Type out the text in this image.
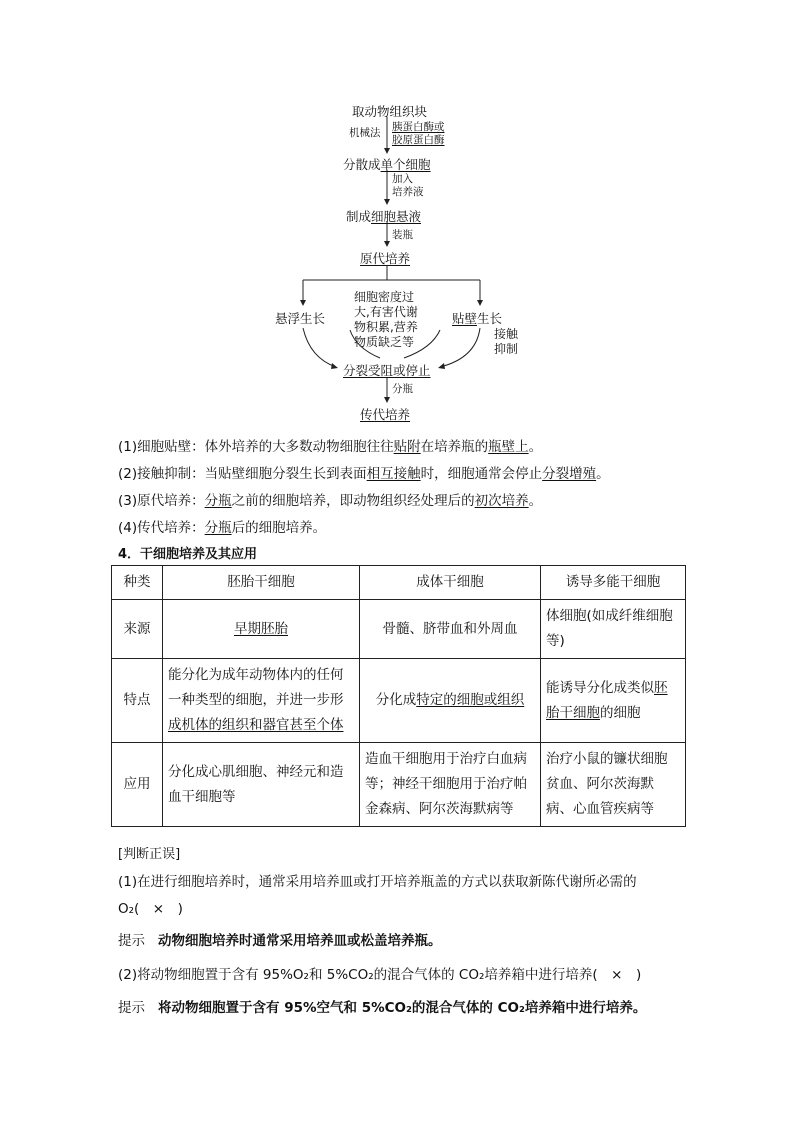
取动物组织块
机械法 胰蛋白酶或
胶原蛋白酶
分散成单个细胞
加入
培养液
制成细胞悬液
装瓶
原代培养
悬浮生长	贴壁生长
细胞密度过
大,有害代谢
物积累,营养
物质缺乏等
接触
抑制
分裂受阻或停止
分瓶
传代培养
(1)细胞贴壁：体外培养的大多数动物细胞往往贴附在培养瓶的瓶壁上。
(2)接触抑制：当贴壁细胞分裂生长到表面相互接触时，细胞通常会停止分裂增殖。
(3)原代培养：分瓶之前的细胞培养，即动物组织经处理后的初次培养。
(4)传代培养：分瓶后的细胞培养。
4．干细胞培养及其应用
种类	胚胎干细胞	成体干细胞	诱导多能干细胞
来源	早期胚胎	骨髓、脐带血和外周血	体细胞(如成纤维细胞等)
特点	能分化为成年动物体内的任何一种类型的细胞，并进一步形成机体的组织和器官甚至个体	分化成特定的细胞或组织	能诱导分化成类似胚胎干细胞的细胞
应用	分化成心肌细胞、神经元和造血干细胞等	造血干细胞用于治疗白血病等；神经干细胞用于治疗帕金森病、阿尔茨海默病等	治疗小鼠的镰状细胞贫血、阿尔茨海默病、心血管疾病等
[判断正误]
(1)在进行细胞培养时，通常采用培养皿或打开培养瓶盖的方式以获取新陈代谢所必需的
O₂(　×　)
提示 动物细胞培养时通常采用培养皿或松盖培养瓶。
(2)将动物细胞置于含有 95%O₂和 5%CO₂的混合气体的 CO₂培养箱中进行培养(　×　)
提示 将动物细胞置于含有 95%空气和 5%CO₂的混合气体的 CO₂培养箱中进行培养。
